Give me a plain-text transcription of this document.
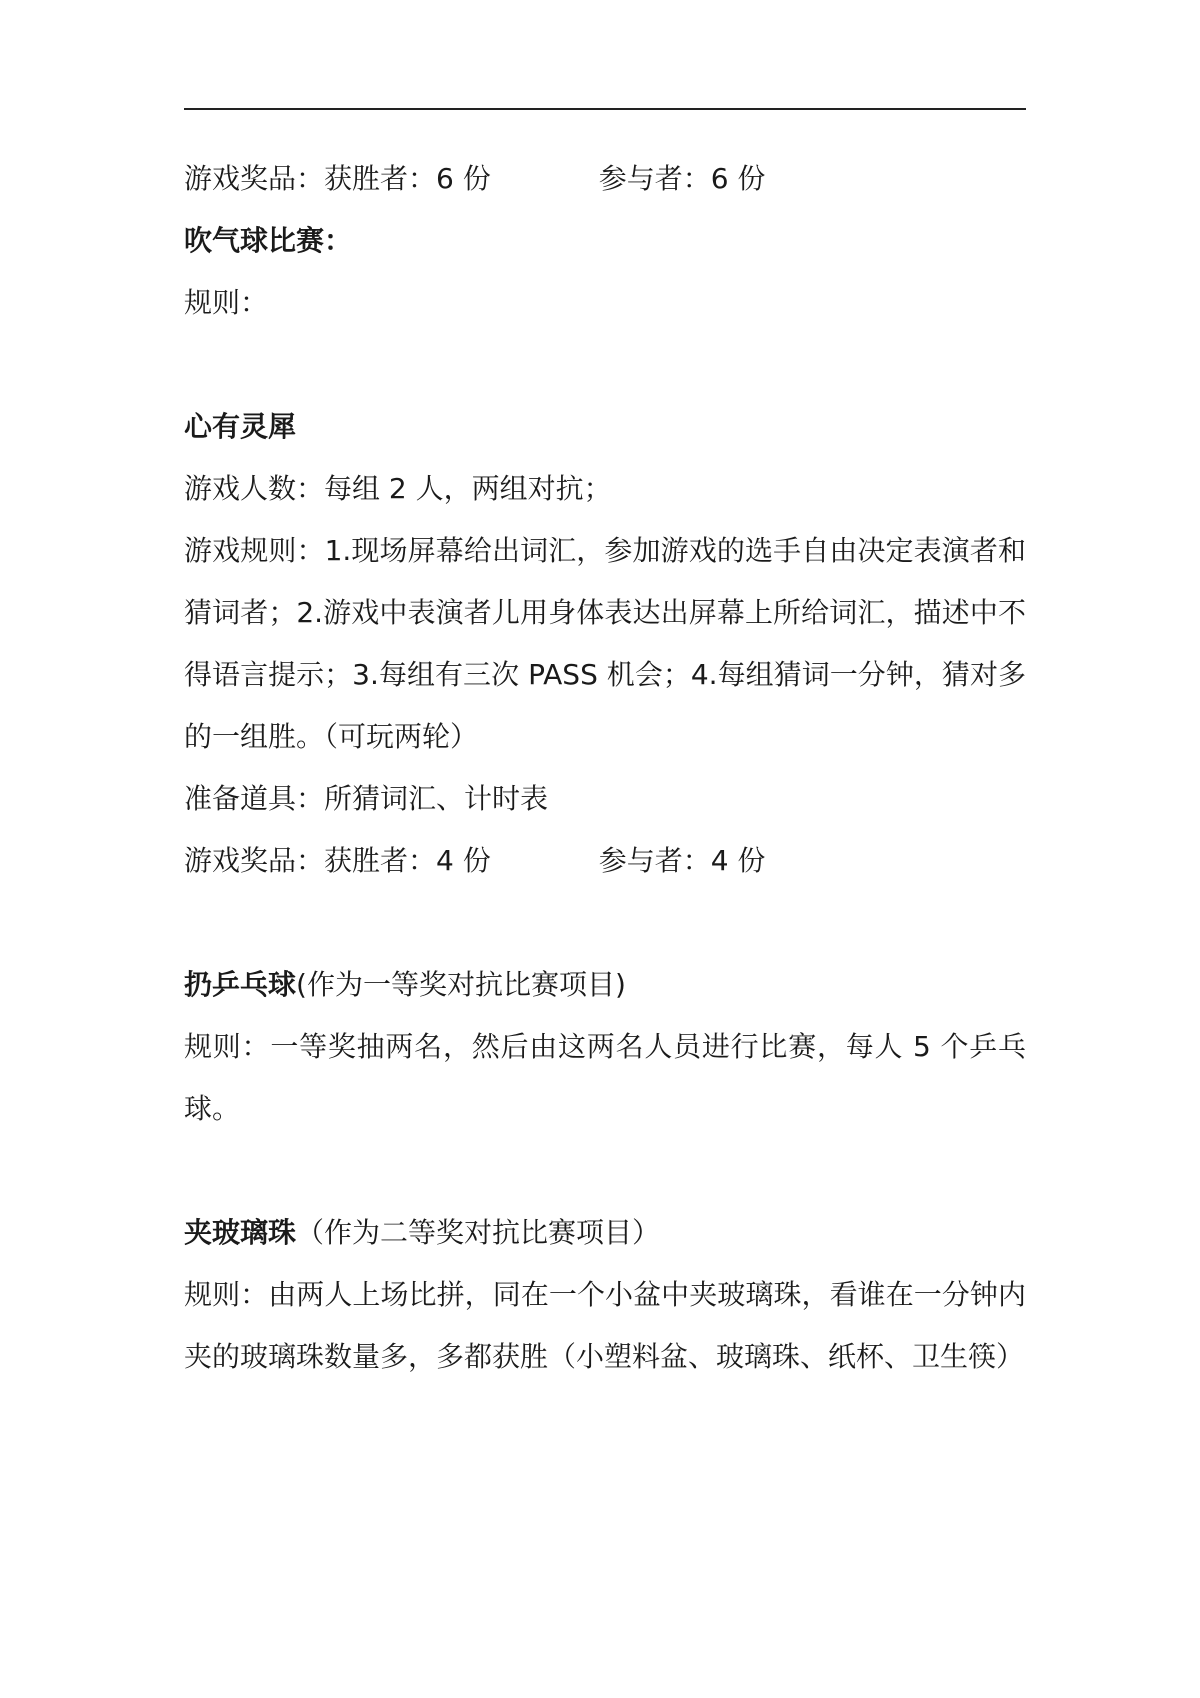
游戏奖品：获胜者：6 份	参与者：6 份

吹气球比赛：

规则：

心有灵犀

游戏人数：每组 2 人，两组对抗；

游戏规则：1.现场屏幕给出词汇，参加游戏的选手自由决定表演者和猜词者；2.游戏中表演者儿用身体表达出屏幕上所给词汇，描述中不得语言提示；3.每组有三次 PASS 机会；4.每组猜词一分钟，猜对多的一组胜。（可玩两轮）

准备道具：所猜词汇、计时表

游戏奖品：获胜者：4 份	参与者：4 份

扔乒乓球(作为一等奖对抗比赛项目)

规则：一等奖抽两名，然后由这两名人员进行比赛，每人 5 个乒乓球。

夹玻璃珠（作为二等奖对抗比赛项目）

规则：由两人上场比拼，同在一个小盆中夹玻璃珠，看谁在一分钟内夹的玻璃珠数量多，多都获胜（小塑料盆、玻璃珠、纸杯、卫生筷）
